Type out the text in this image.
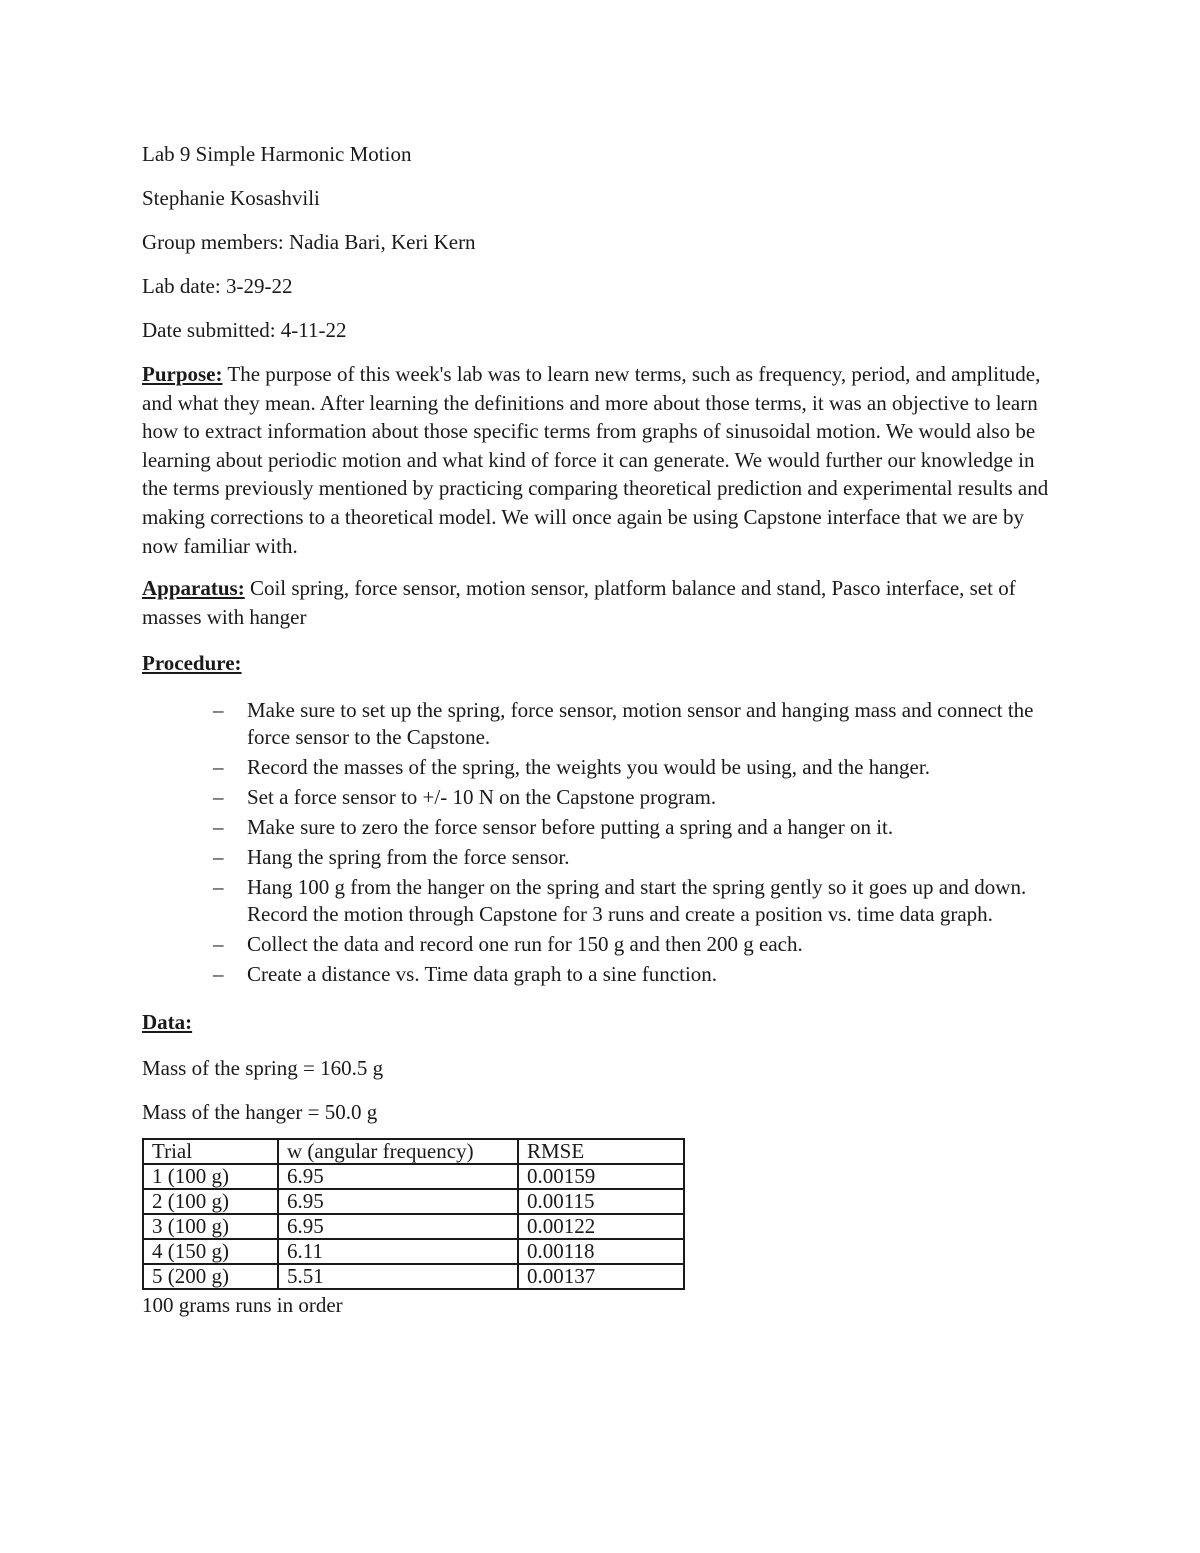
Lab 9 Simple Harmonic Motion
Stephanie Kosashvili
Group members: Nadia Bari, Keri Kern
Lab date: 3-29-22
Date submitted: 4-11-22
Purpose: The purpose of this week's lab was to learn new terms, such as frequency, period, and amplitude, and what they mean. After learning the definitions and more about those terms, it was an objective to learn how to extract information about those specific terms from graphs of sinusoidal motion. We would also be learning about periodic motion and what kind of force it can generate. We would further our knowledge in the terms previously mentioned by practicing comparing theoretical prediction and experimental results and making corrections to a theoretical model. We will once again be using Capstone interface that we are by now familiar with.
Apparatus: Coil spring, force sensor, motion sensor, platform balance and stand, Pasco interface, set of masses with hanger
Procedure:
– Make sure to set up the spring, force sensor, motion sensor and hanging mass and connect the force sensor to the Capstone.
– Record the masses of the spring, the weights you would be using, and the hanger.
– Set a force sensor to +/- 10 N on the Capstone program.
– Make sure to zero the force sensor before putting a spring and a hanger on it.
– Hang the spring from the force sensor.
– Hang 100 g from the hanger on the spring and start the spring gently so it goes up and down. Record the motion through Capstone for 3 runs and create a position vs. time data graph.
– Collect the data and record one run for 150 g and then 200 g each.
– Create a distance vs. Time data graph to a sine function.
Data:
Mass of the spring = 160.5 g
Mass of the hanger = 50.0 g
Trial	w (angular frequency)	RMSE
1 (100 g)	6.95	0.00159
2 (100 g)	6.95	0.00115
3 (100 g)	6.95	0.00122
4 (150 g)	6.11	0.00118
5 (200 g)	5.51	0.00137
100 grams runs in order
